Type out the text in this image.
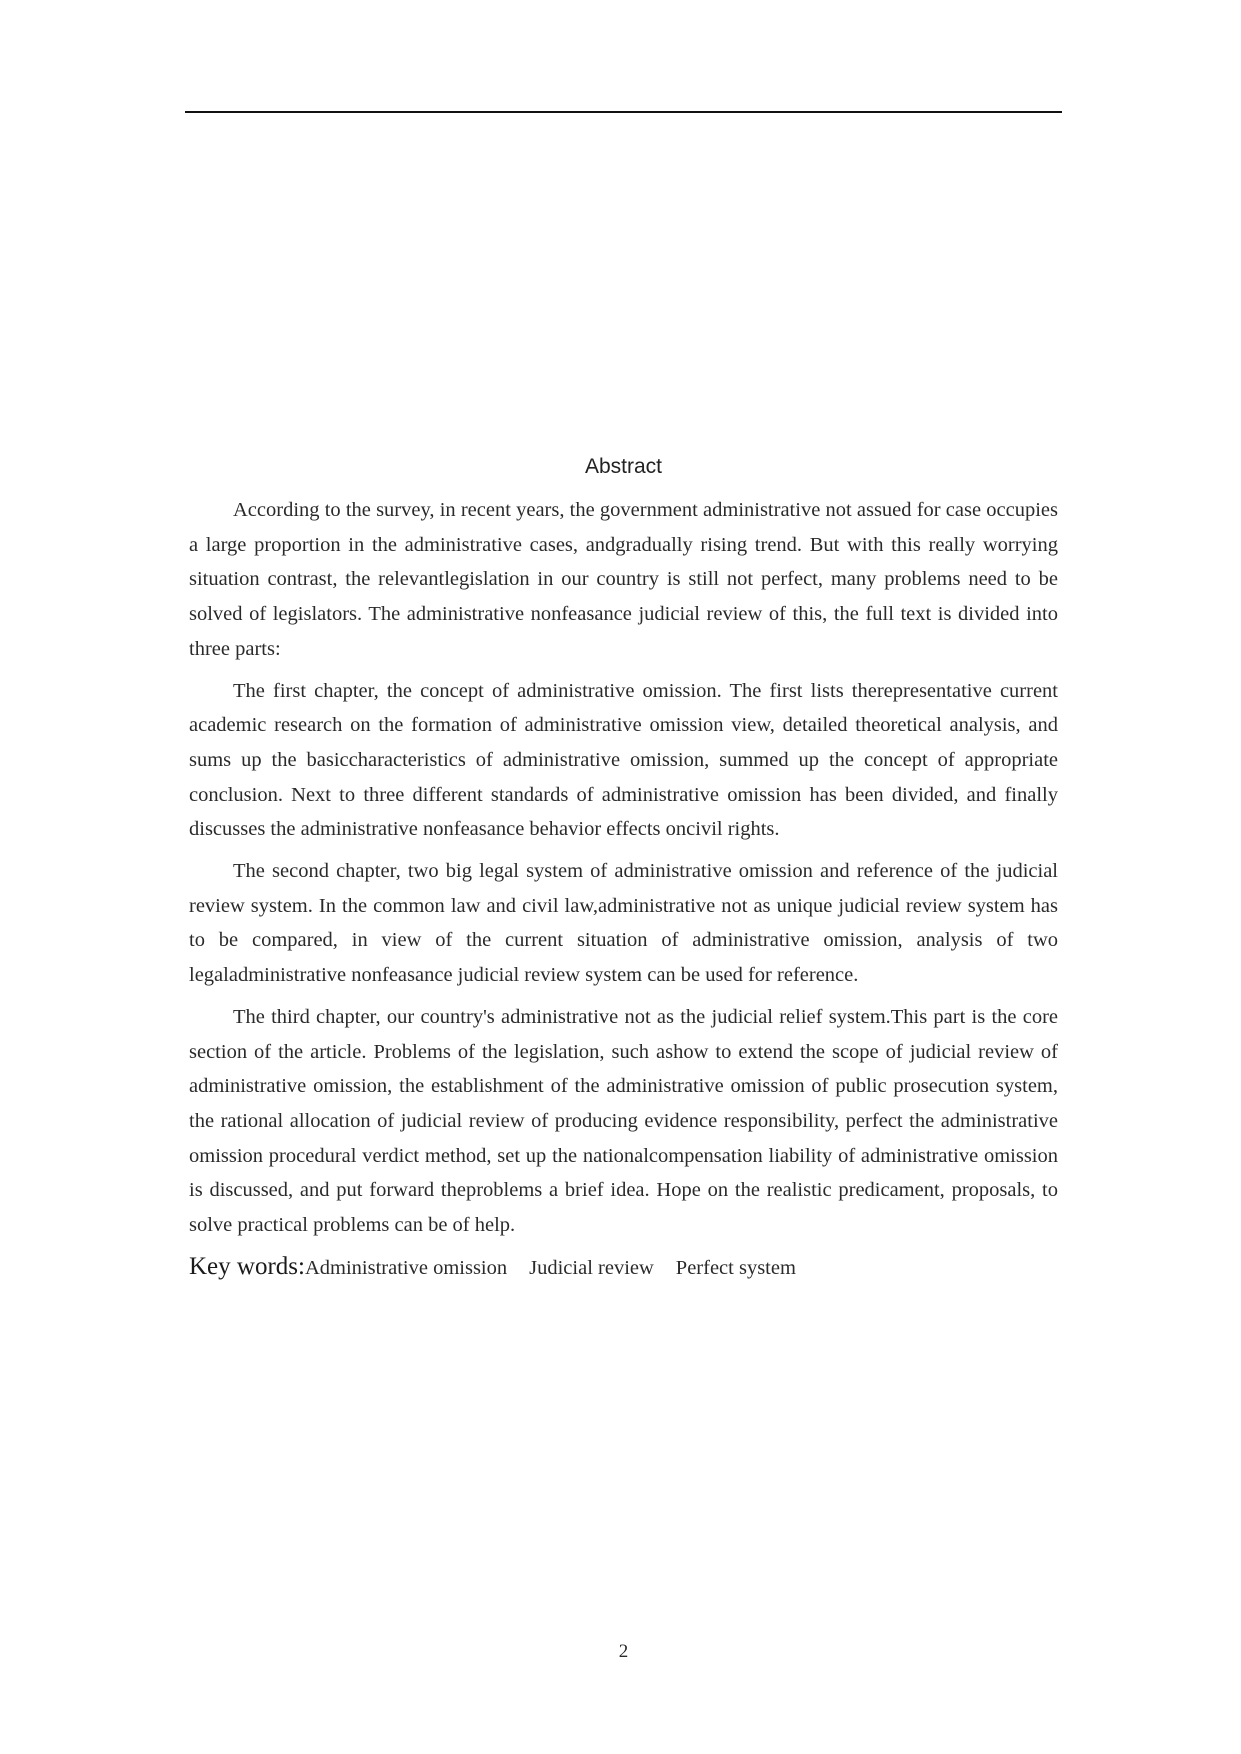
Abstract

According to the survey, in recent years, the government administrative not assued for case occupies a large proportion in the administrative cases, andgradually rising trend. But with this really worrying situation contrast, the relevantlegislation in our country is still not perfect, many problems need to be solved of legislators. The administrative nonfeasance judicial review of this, the full text is divided into three parts:

The first chapter, the concept of administrative omission. The first lists therepresentative current academic research on the formation of administrative omission view, detailed theoretical analysis, and sums up the basiccharacteristics of administrative omission, summed up the concept of appropriate conclusion. Next to three different standards of administrative omission has been divided, and finally discusses the administrative nonfeasance behavior effects oncivil rights.

The second chapter, two big legal system of administrative omission and reference of the judicial review system. In the common law and civil law,administrative not as unique judicial review system has to be compared, in view of the current situation of administrative omission, analysis of two legaladministrative nonfeasance judicial review system can be used for reference.

The third chapter, our country's administrative not as the judicial relief system.This part is the core section of the article. Problems of the legislation, such ashow to extend the scope of judicial review of administrative omission, the establishment of the administrative omission of public prosecution system, the rational allocation of judicial review of producing evidence responsibility, perfect the administrative omission procedural verdict method, set up the nationalcompensation liability of administrative omission is discussed, and put forward theproblems a brief idea. Hope on the realistic predicament, proposals, to solve practical problems can be of help.

Key words:Administrative omission Judicial review Perfect system
2
